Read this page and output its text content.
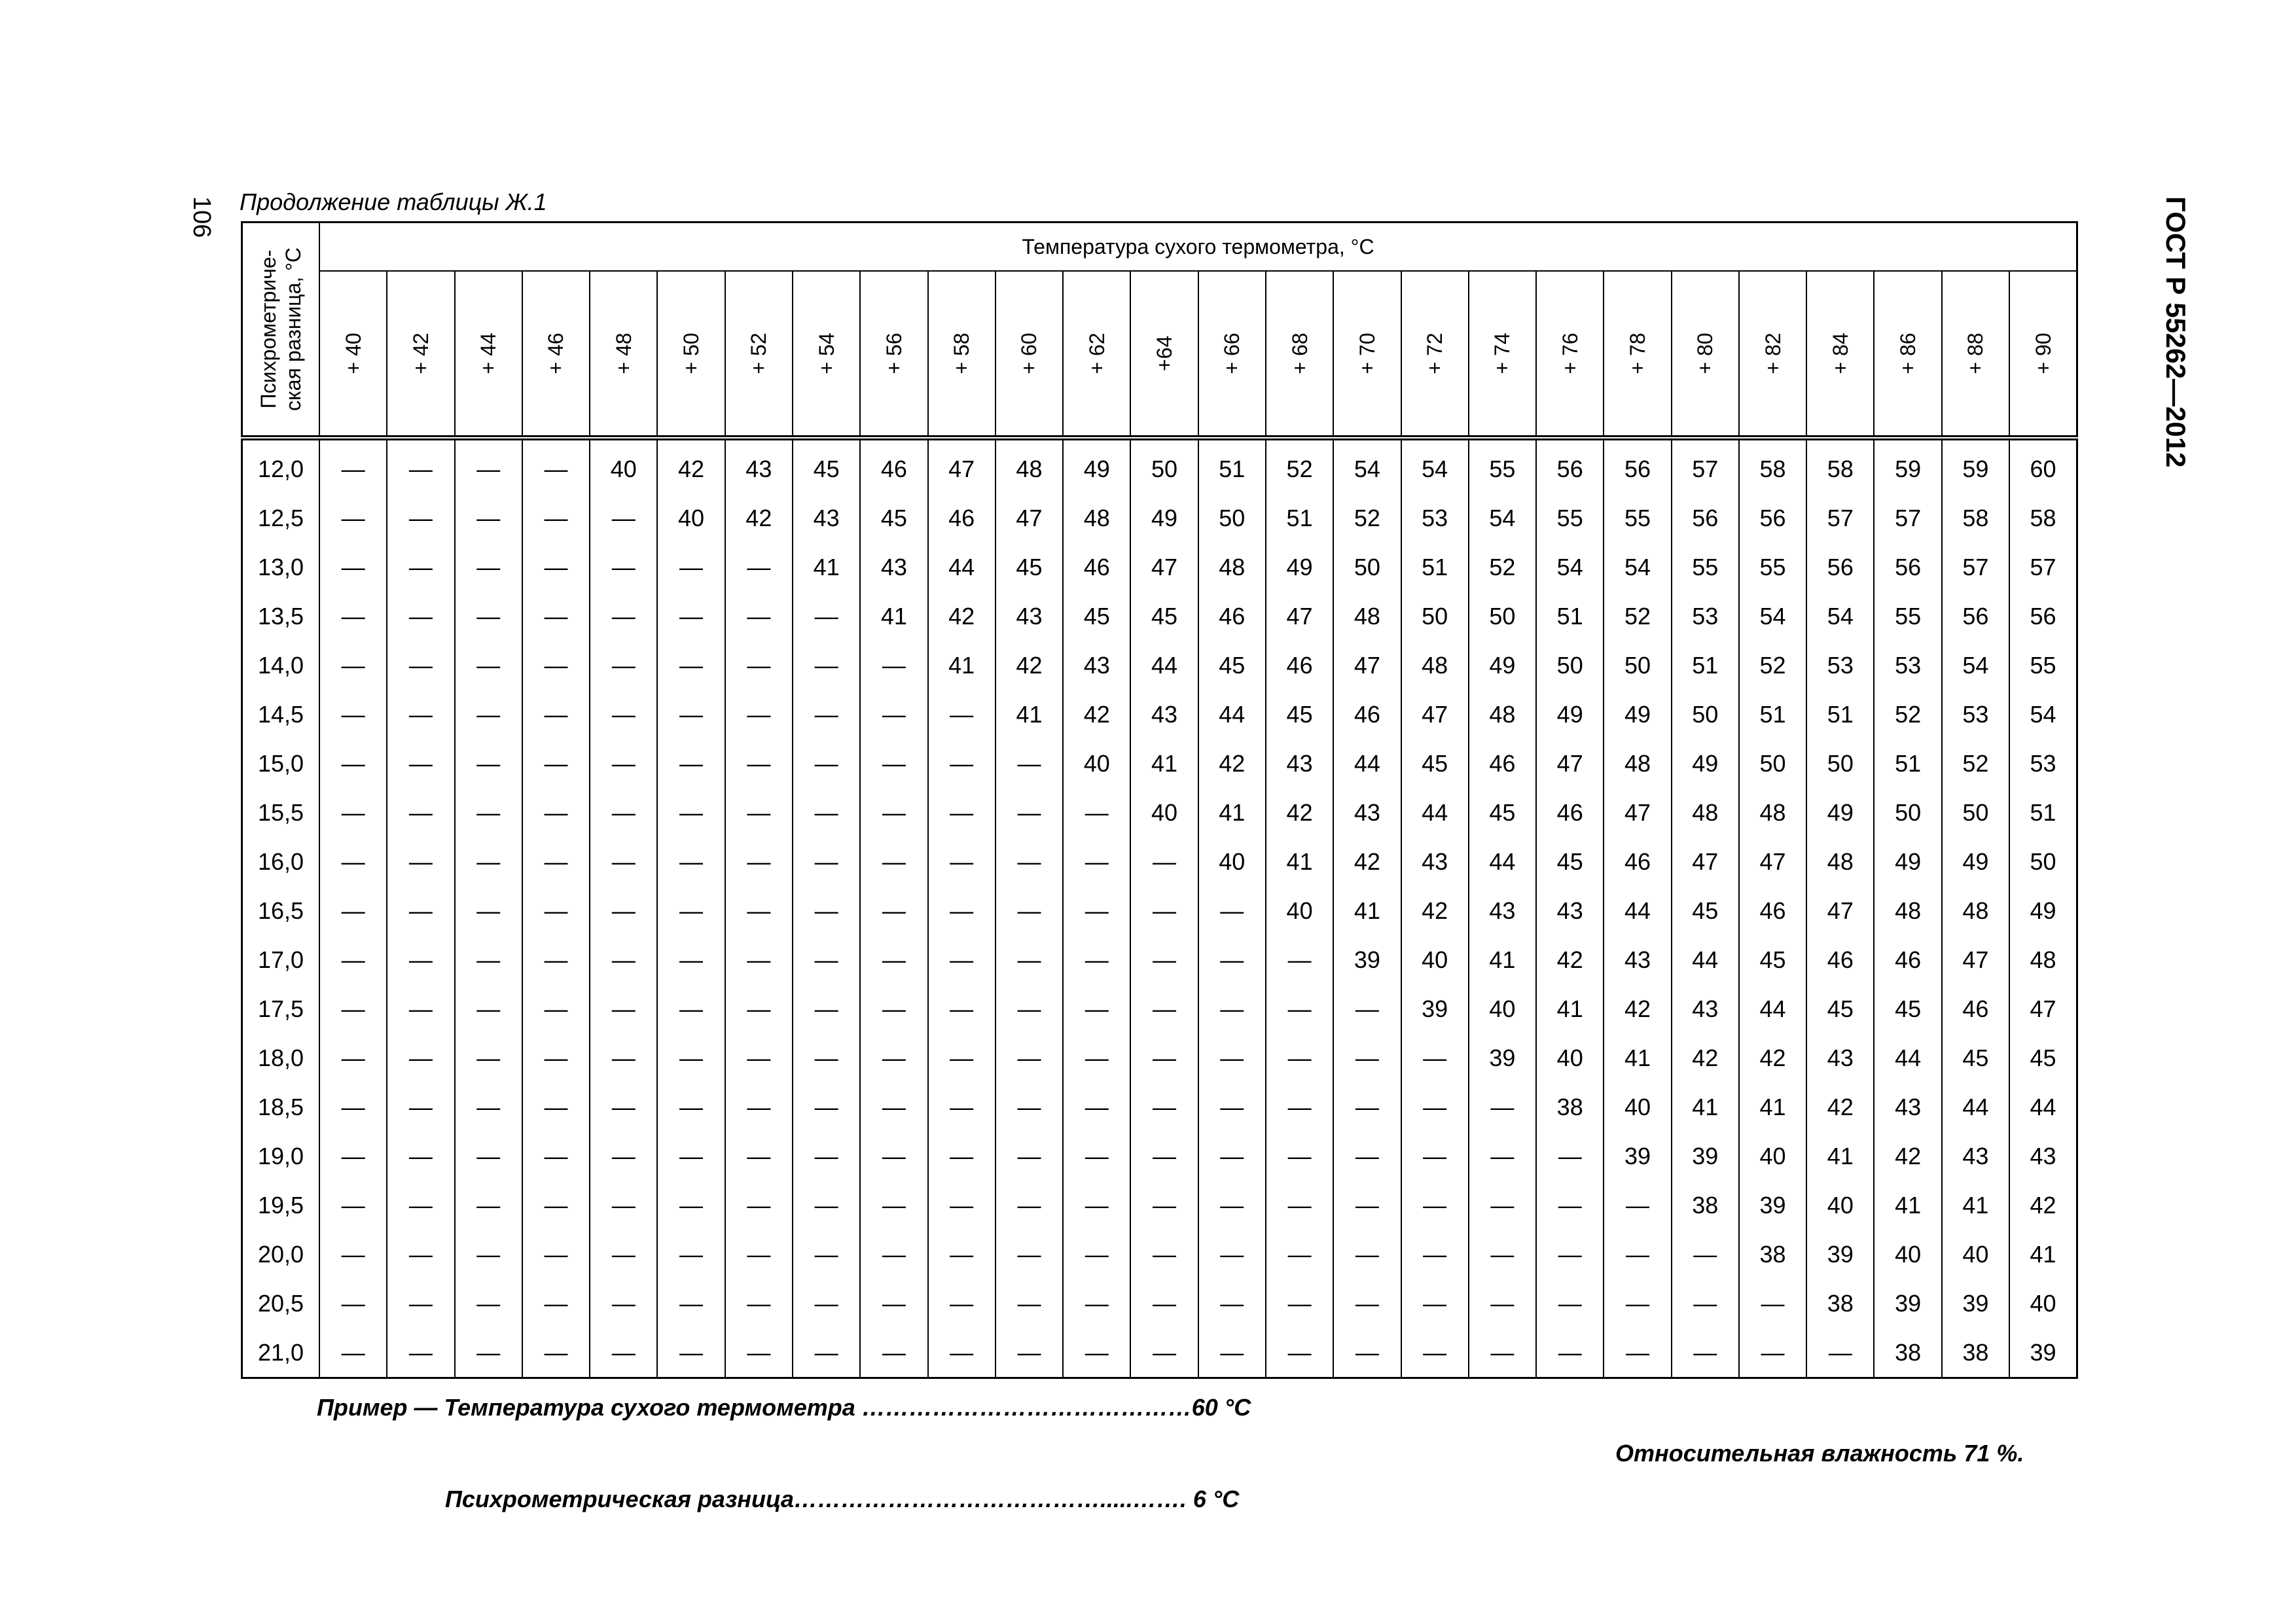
106	ГОСТ Р 55262—2012
Продолжение таблицы Ж.1
Психрометриче- ская разница, °С	Температура сухого термометра, °С																									

	+ 40	+ 42	+ 44	+ 46	+ 48	+ 50	+ 52	+ 54	+ 56	+ 58	+ 60	+ 62	+64	+ 66	+ 68	+ 70	+ 72	+ 74	+ 76	+ 78	+ 80	+ 82	+ 84	+ 86	+ 88	+ 90

12,0	—	—	—	—	40	42	43	45	46	47	48	49	50	51	52	54	54	55	56	56	57	58	58	59	59	60
12,5	—	—	—	—	—	40	42	43	45	46	47	48	49	50	51	52	53	54	55	55	56	56	57	57	58	58
13,0	—	—	—	—	—	—	—	41	43	44	45	46	47	48	49	50	51	52	54	54	55	55	56	56	57	57
13,5	—	—	—	—	—	—	—	—	41	42	43	45	45	46	47	48	50	50	51	52	53	54	54	55	56	56
14,0	—	—	—	—	—	—	—	—	—	41	42	43	44	45	46	47	48	49	50	50	51	52	53	53	54	55
14,5	—	—	—	—	—	—	—	—	—	—	41	42	43	44	45	46	47	48	49	49	50	51	51	52	53	54
15,0	—	—	—	—	—	—	—	—	—	—	—	40	41	42	43	44	45	46	47	48	49	50	50	51	52	53
15,5	—	—	—	—	—	—	—	—	—	—	—	—	40	41	42	43	44	45	46	47	48	48	49	50	50	51
16,0	—	—	—	—	—	—	—	—	—	—	—	—	—	40	41	42	43	44	45	46	47	47	48	49	49	50
16,5	—	—	—	—	—	—	—	—	—	—	—	—	—	—	40	41	42	43	43	44	45	46	47	48	48	49
17,0	—	—	—	—	—	—	—	—	—	—	—	—	—	—	—	39	40	41	42	43	44	45	46	46	47	48
17,5	—	—	—	—	—	—	—	—	—	—	—	—	—	—	—	—	39	40	41	42	43	44	45	45	46	47
18,0	—	—	—	—	—	—	—	—	—	—	—	—	—	—	—	—	—	39	40	41	42	42	43	44	45	45
18,5	—	—	—	—	—	—	—	—	—	—	—	—	—	—	—	—	—	—	38	40	41	41	42	43	44	44
19,0	—	—	—	—	—	—	—	—	—	—	—	—	—	—	—	—	—	—	—	39	39	40	41	42	43	43
19,5	—	—	—	—	—	—	—	—	—	—	—	—	—	—	—	—	—	—	—	—	38	39	40	41	41	42
20,0	—	—	—	—	—	—	—	—	—	—	—	—	—	—	—	—	—	—	—	—	—	38	39	40	40	41
20,5	—	—	—	—	—	—	—	—	—	—	—	—	—	—	—	—	—	—	—	—	—	—	38	39	39	40
21,0	—	—	—	—	—	—	—	—	—	—	—	—	—	—	—	—	—	—	—	—	—	—	—	38	38	39
Пример — Температура сухого термометра ……………………………………60 °С
Относительная влажность 71 %.
Психрометрическая разница………………………………….....……. 6 °С
